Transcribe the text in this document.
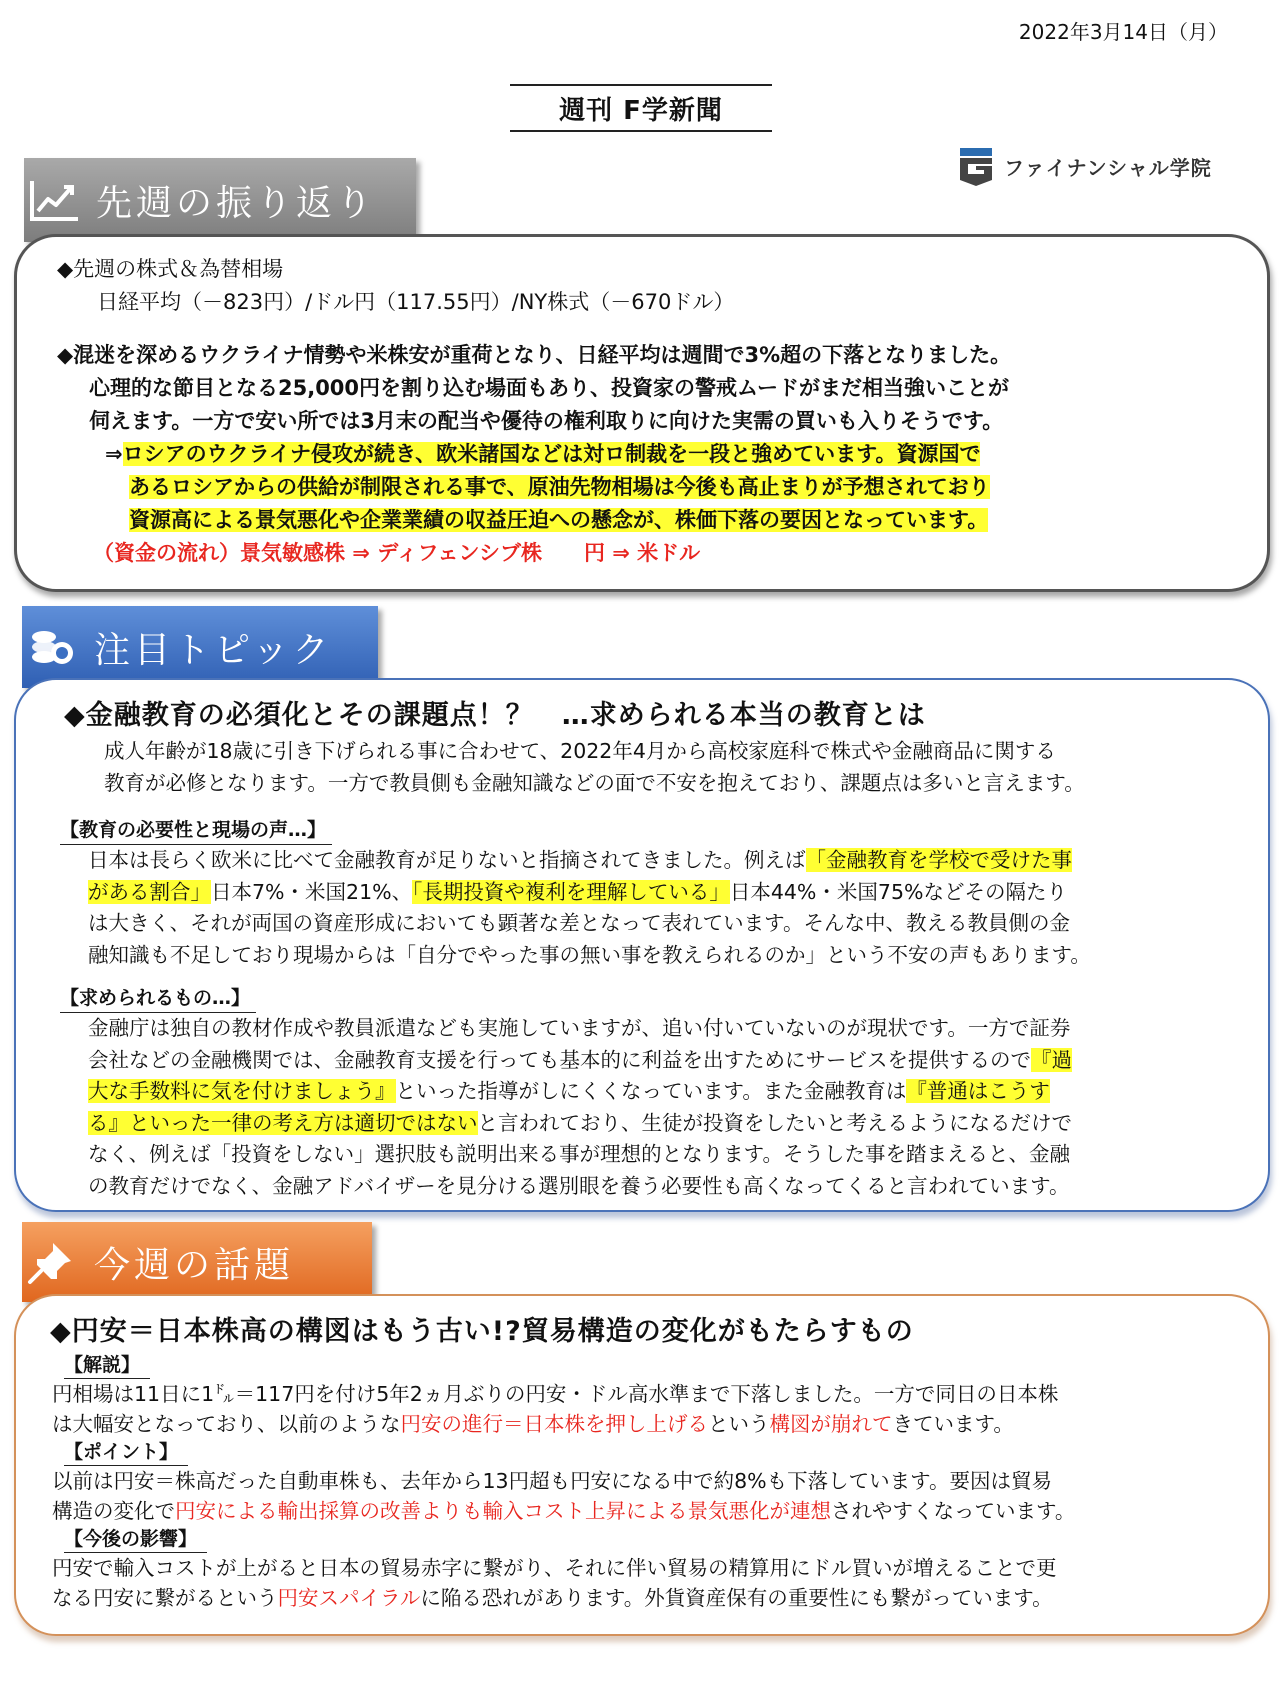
2022年3月14日（月）
週刊 F学新聞
ファイナンシャル学院
先週の振り返り
◆先週の株式＆為替相場
日経平均（－823円）/ドル円（117.55円）/NY株式（－670ドル）
◆混迷を深めるウクライナ情勢や米株安が重荷となり、日経平均は週間で3%超の下落となりました。
心理的な節目となる25,000円を割り込む場面もあり、投資家の警戒ムードがまだ相当強いことが
伺えます。一方で安い所では3月末の配当や優待の権利取りに向けた実需の買いも入りそうです。
⇒ロシアのウクライナ侵攻が続き、欧米諸国などは対ロ制裁を一段と強めています。資源国で
あるロシアからの供給が制限される事で、原油先物相場は今後も高止まりが予想されており
資源高による景気悪化や企業業績の収益圧迫への懸念が、株価下落の要因となっています。
（資金の流れ）景気敏感株 ⇒ ディフェンシブ株　　円 ⇒ 米ドル
注目トピック
◆金融教育の必須化とその課題点！？　…求められる本当の教育とは
成人年齢が18歳に引き下げられる事に合わせて、2022年4月から高校家庭科で株式や金融商品に関する
教育が必修となります。一方で教員側も金融知識などの面で不安を抱えており、課題点は多いと言えます。
【教育の必要性と現場の声…】
日本は長らく欧米に比べて金融教育が足りないと指摘されてきました。例えば「金融教育を学校で受けた事
がある割合」日本7%・米国21%、「長期投資や複利を理解している」日本44%・米国75%などその隔たり
は大きく、それが両国の資産形成においても顕著な差となって表れています。そんな中、教える教員側の金
融知識も不足しており現場からは「自分でやった事の無い事を教えられるのか」という不安の声もあります。
【求められるもの…】
金融庁は独自の教材作成や教員派遣なども実施していますが、追い付いていないのが現状です。一方で証券
会社などの金融機関では、金融教育支援を行っても基本的に利益を出すためにサービスを提供するので『過
大な手数料に気を付けましょう』といった指導がしにくくなっています。また金融教育は『普通はこうす
る』といった一律の考え方は適切ではないと言われており、生徒が投資をしたいと考えるようになるだけで
なく、例えば「投資をしない」選択肢も説明出来る事が理想的となります。そうした事を踏まえると、金融
の教育だけでなく、金融アドバイザーを見分ける選別眼を養う必要性も高くなってくると言われています。
今週の話題
◆円安＝日本株高の構図はもう古い!?貿易構造の変化がもたらすもの
【解説】
円相場は11日に1㌦＝117円を付け5年2ヵ月ぶりの円安・ドル高水準まで下落しました。一方で同日の日本株
は大幅安となっており、以前のような円安の進行＝日本株を押し上げるという構図が崩れてきています。
【ポイント】
以前は円安＝株高だった自動車株も、去年から13円超も円安になる中で約8%も下落しています。要因は貿易
構造の変化で円安による輸出採算の改善よりも輸入コスト上昇による景気悪化が連想されやすくなっています。
【今後の影響】
円安で輸入コストが上がると日本の貿易赤字に繋がり、それに伴い貿易の精算用にドル買いが増えることで更
なる円安に繋がるという円安スパイラルに陥る恐れがあります。外貨資産保有の重要性にも繋がっています。
